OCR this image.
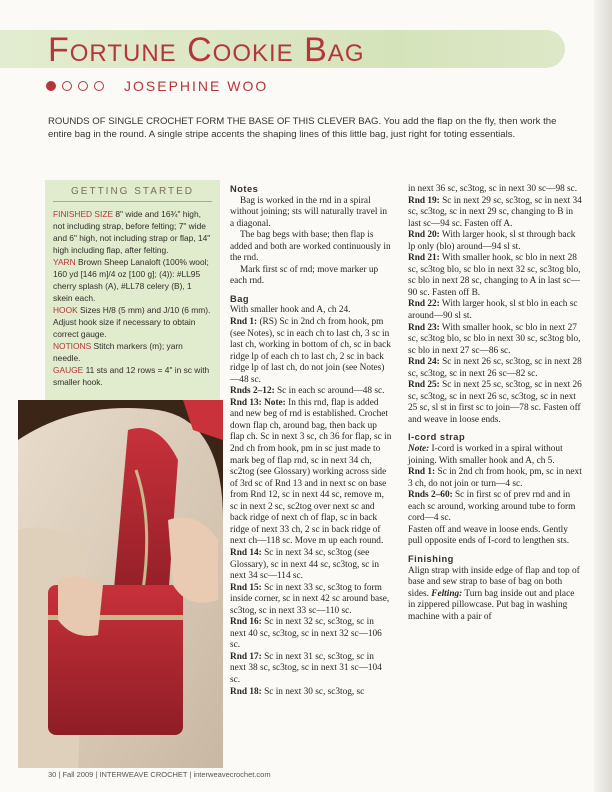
Fortune Cookie Bag
JOSEPHINE WOO
ROUNDS OF SINGLE CROCHET FORM THE BASE OF THIS CLEVER BAG. You add the flap on the fly, then work the entire bag in the round. A single stripe accents the shaping lines of this little bag, just right for toting essentials.
GETTING STARTED

FINISHED SIZE 8" wide and 16¾" high, not including strap, before felting; 7" wide and 6" high, not including strap or flap, 14" high including flap, after felting.

YARN Brown Sheep Lanaloft (100% wool; 160 yd [146 m]/4 oz [100 g]; (4)): #LL95 cherry splash (A), #LL78 celery (B), 1 skein each.

HOOK Sizes H/8 (5 mm) and J/10 (6 mm). Adjust hook size if necessary to obtain correct gauge.

NOTIONS Stitch markers (m); yarn needle.

GAUGE 11 sts and 12 rows = 4" in sc with smaller hook.

Notes

Bag is worked in the rnd in a spiral without joining; sts will naturally travel in a diagonal.

The bag begs with base; then flap is added and both are worked continuously in the rnd.

Mark first sc of rnd; move marker up each rnd.

Bag

With smaller hook and A, ch 24.

Rnd 1: (RS) Sc in 2nd ch from hook, pm (see Notes), sc in each ch to last ch, 3 sc in last ch, working in bottom of ch, sc in back ridge lp of each ch to last ch, 2 sc in back ridge lp of last ch, do not join (see Notes)—48 sc.

Rnds 2–12: Sc in each sc around—48 sc.

Rnd 13: Note: In this rnd, flap is added and new beg of rnd is established. Crochet down flap ch, around bag, then back up flap ch. Sc in next 3 sc, ch 36 for flap, sc in 2nd ch from hook, pm in sc just made to mark beg of flap rnd, sc in next 34 ch, sc2tog (see Glossary) working across side of 3rd sc of Rnd 13 and in next sc on base from Rnd 12, sc in next 44 sc, remove m, sc in next 2 sc, sc2tog over next sc and back ridge of next ch of flap, sc in back ridge of next 33 ch, 2 sc in back ridge of next ch—118 sc. Move m up each round.

Rnd 14: Sc in next 34 sc, sc3tog (see Glossary), sc in next 44 sc, sc3tog, sc in next 34 sc—114 sc.

Rnd 15: Sc in next 33 sc, sc3tog to form inside corner, sc in next 42 sc around base, sc3tog, sc in next 33 sc—110 sc.

Rnd 16: Sc in next 32 sc, sc3tog, sc in next 40 sc, sc3tog, sc in next 32 sc—106 sc.

Rnd 17: Sc in next 31 sc, sc3tog, sc in next 38 sc, sc3tog, sc in next 31 sc—104 sc.

Rnd 18: Sc in next 30 sc, sc3tog, sc

in next 36 sc, sc3tog, sc in next 30 sc—98 sc.

Rnd 19: Sc in next 29 sc, sc3tog, sc in next 34 sc, sc3tog, sc in next 29 sc, changing to B in last sc—94 sc. Fasten off A.

Rnd 20: With larger hook, sl st through back lp only (blo) around—94 sl st.

Rnd 21: With smaller hook, sc blo in next 28 sc, sc3tog blo, sc blo in next 32 sc, sc3tog blo, sc blo in next 28 sc, changing to A in last sc—90 sc. Fasten off B.

Rnd 22: With larger hook, sl st blo in each sc around—90 sl st.

Rnd 23: With smaller hook, sc blo in next 27 sc, sc3tog blo, sc blo in next 30 sc, sc3tog blo, sc blo in next 27 sc—86 sc.

Rnd 24: Sc in next 26 sc, sc3tog, sc in next 28 sc, sc3tog, sc in next 26 sc—82 sc.

Rnd 25: Sc in next 25 sc, sc3tog, sc in next 26 sc, sc3tog, sc in next 26 sc, sc3tog, sc in next 25 sc, sl st in first sc to join—78 sc. Fasten off and weave in loose ends.

I-cord strap

Note: I-cord is worked in a spiral without joining. With smaller hook and A, ch 5.

Rnd 1: Sc in 2nd ch from hook, pm, sc in next 3 ch, do not join or turn—4 sc.

Rnds 2–60: Sc in first sc of prev rnd and in each sc around, working around tube to form cord—4 sc.

Fasten off and weave in loose ends. Gently pull opposite ends of I-cord to lengthen sts.

Finishing

Align strap with inside edge of flap and top of base and sew strap to base of bag on both sides. Felting: Turn bag inside out and place in zippered pillowcase. Put bag in washing machine with a pair of

30 | Fall 2009 | INTERWEAVE CROCHET | interweavecrochet.com
